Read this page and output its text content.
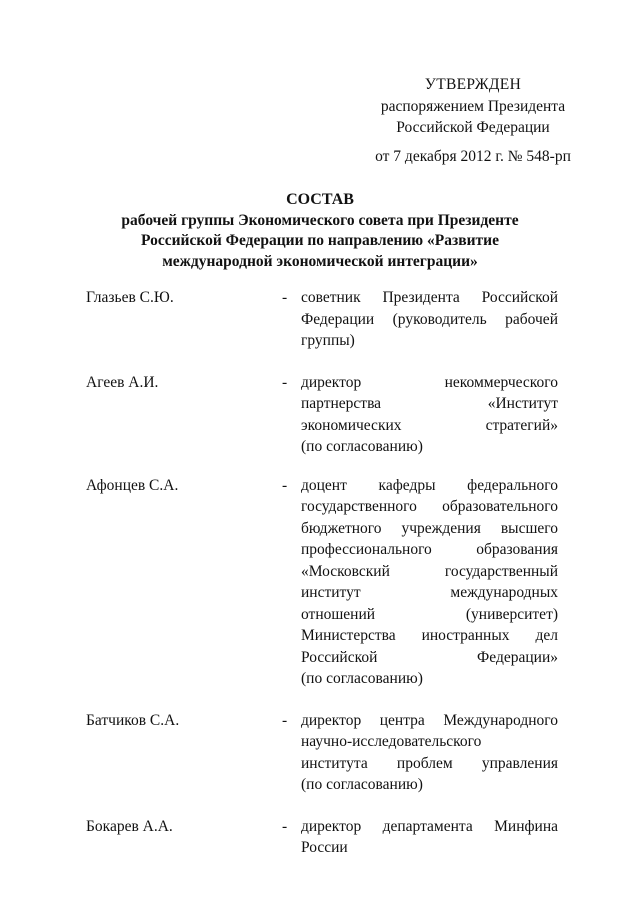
УТВЕРЖДЕН
распоряжением Президента
Российской Федерации
от 7 декабря 2012 г. № 548-рп
СОСТАВ
рабочей группы Экономического совета при Президенте
Российской Федерации по направлению «Развитие
международной экономической интеграции»
Глазьев С.Ю.	- советник Президента Российской
Федерации (руководитель рабочей
группы)
Агеев А.И.	- директор некоммерческого
партнерства «Институт
экономических стратегий»
(по согласованию)
Афонцев С.А.	- доцент кафедры федерального
государственного образовательного
бюджетного учреждения высшего
профессионального образования
«Московский государственный
институт международных
отношений (университет)
Министерства иностранных дел
Российской Федерации»
(по согласованию)
Батчиков С.А.	- директор центра Международного
научно-исследовательского
института проблем управления
(по согласованию)
Бокарев А.А.	- директор департамента Минфина
России
